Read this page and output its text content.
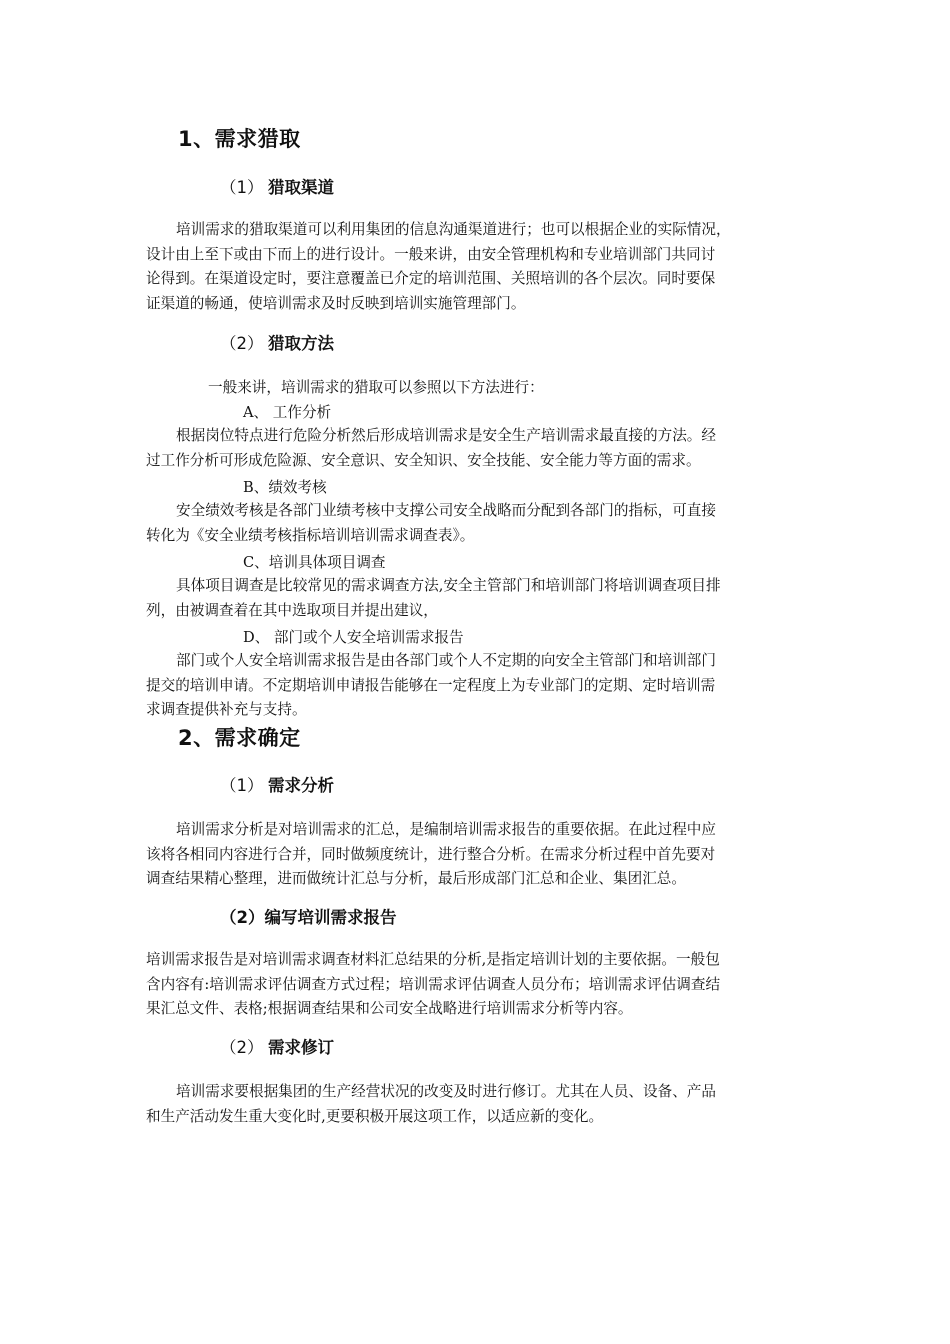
1、需求猎取
（1） 猎取渠道
培训需求的猎取渠道可以利用集团的信息沟通渠道进行；也可以根据企业的实际情况，
设计由上至下或由下而上的进行设计。一般来讲，由安全管理机构和专业培训部门共同讨
论得到。在渠道设定时，要注意覆盖已介定的培训范围、关照培训的各个层次。同时要保
证渠道的畅通，使培训需求及时反映到培训实施管理部门。
（2） 猎取方法
一般来讲，培训需求的猎取可以参照以下方法进行：
A、 工作分析
根据岗位特点进行危险分析然后形成培训需求是安全生产培训需求最直接的方法。经
过工作分析可形成危险源、安全意识、安全知识、安全技能、安全能力等方面的需求。
B、绩效考核
安全绩效考核是各部门业绩考核中支撑公司安全战略而分配到各部门的指标，可直接
转化为《安全业绩考核指标培训培训需求调查表》。
C、培训具体项目调查
具体项目调查是比较常见的需求调查方法,安全主管部门和培训部门将培训调查项目排
列，由被调查着在其中选取项目并提出建议，
D、 部门或个人安全培训需求报告
部门或个人安全培训需求报告是由各部门或个人不定期的向安全主管部门和培训部门
提交的培训申请。不定期培训申请报告能够在一定程度上为专业部门的定期、定时培训需
求调查提供补充与支持。
2、需求确定
（1） 需求分析
培训需求分析是对培训需求的汇总，是编制培训需求报告的重要依据。在此过程中应
该将各相同内容进行合并，同时做频度统计，进行整合分析。在需求分析过程中首先要对
调查结果精心整理，进而做统计汇总与分析，最后形成部门汇总和企业、集团汇总。
（2）编写培训需求报告
培训需求报告是对培训需求调查材料汇总结果的分析,是指定培训计划的主要依据。一般包
含内容有:培训需求评估调查方式过程；培训需求评估调查人员分布；培训需求评估调查结
果汇总文件、表格;根据调查结果和公司安全战略进行培训需求分析等内容。
（2） 需求修订
培训需求要根据集团的生产经营状况的改变及时进行修订。尤其在人员、设备、产品
和生产活动发生重大变化时,更要积极开展这项工作，以适应新的变化。
